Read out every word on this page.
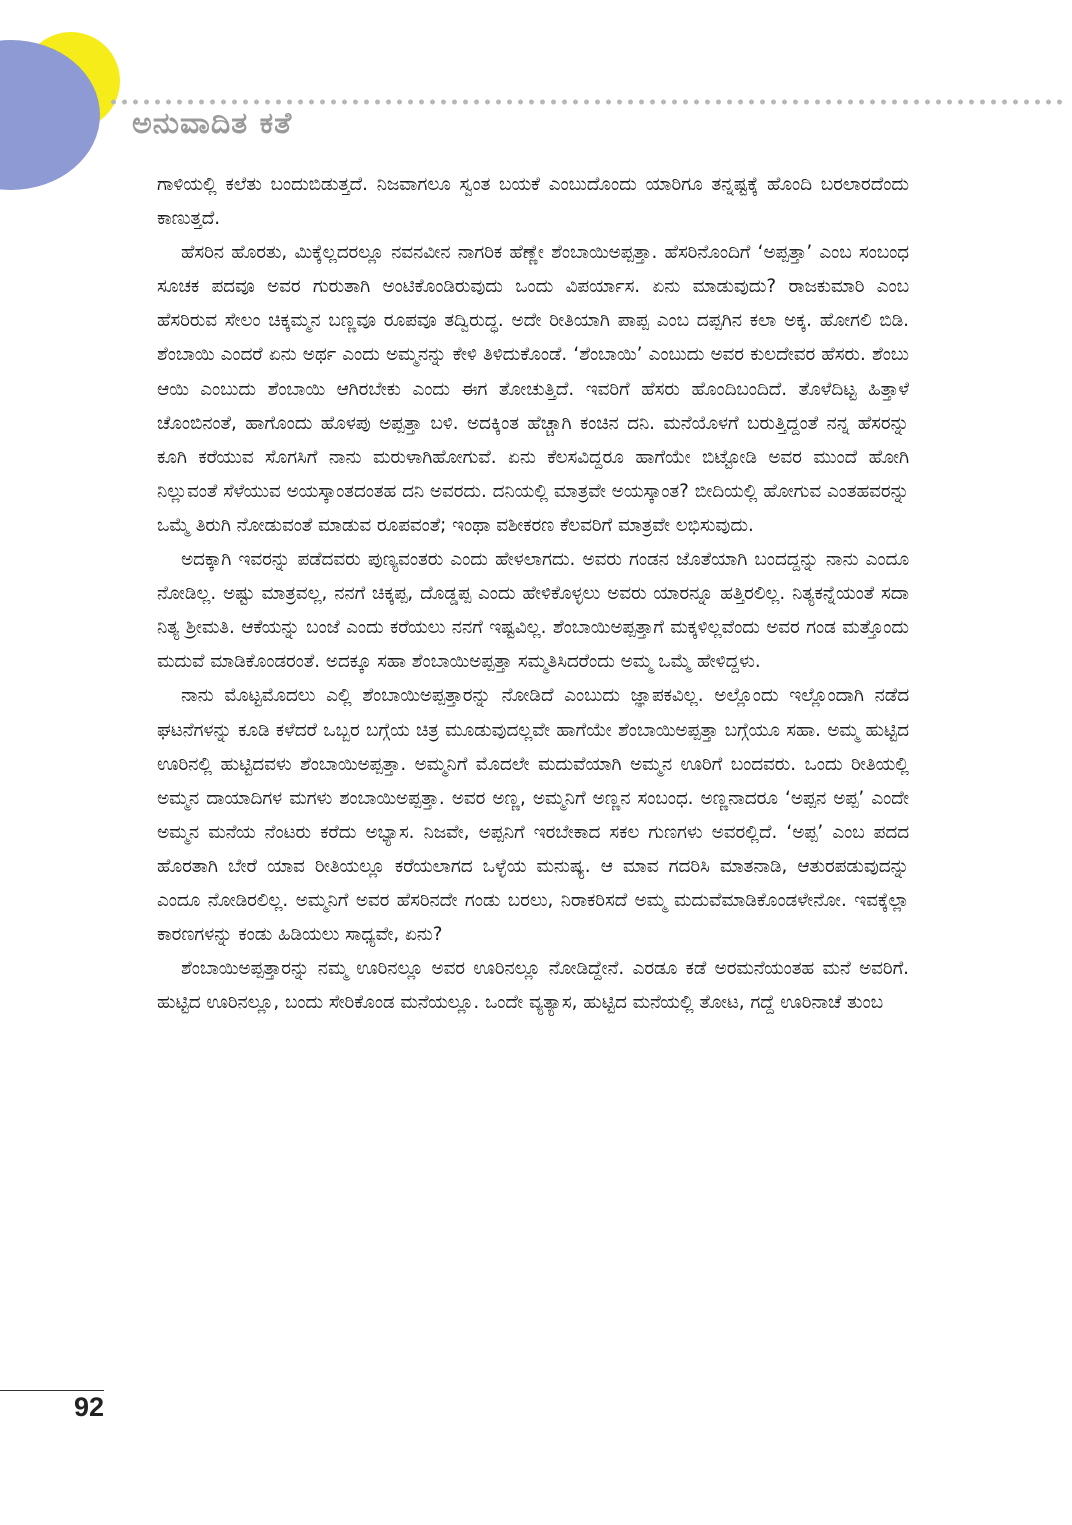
ಅನುವಾದಿತ ಕತೆ

ಗಾಳಿಯಲ್ಲಿ ಕಲೆತು ಬಂದುಬಿಡುತ್ತದೆ. ನಿಜವಾಗಲೂ ಸ್ವಂತ ಬಯಕೆ ಎಂಬುದೊಂದು ಯಾರಿಗೂ ತನ್ನಷ್ಟಕ್ಕೆ ಹೊಂದಿ ಬರಲಾರದೆಂದು ಕಾಣುತ್ತದೆ.

ಹೆಸರಿನ ಹೊರತು, ಮಿಕ್ಕೆಲ್ಲದರಲ್ಲೂ ನವನವೀನ ನಾಗರಿಕ ಹೆಣ್ಣೇ ಶೆಂಬಾಯಿಅಪ್ಪತ್ತಾ. ಹೆಸರಿನೊಂದಿಗೆ ‘ಅಪ್ಪತ್ತಾ’ ಎಂಬ ಸಂಬಂಧ ಸೂಚಕ ಪದವೂ ಅವರ ಗುರುತಾಗಿ ಅಂಟಿಕೊಂಡಿರುವುದು ಒಂದು ವಿಪರ್ಯಾಸ. ಏನು ಮಾಡುವುದು? ರಾಜಕುಮಾರಿ ಎಂಬ ಹೆಸರಿರುವ ಸೇಲಂ ಚಿಕ್ಕಮ್ಮನ ಬಣ್ಣವೂ ರೂಪವೂ ತದ್ವಿರುದ್ಧ. ಅದೇ ರೀತಿಯಾಗಿ ಪಾಪ್ಪ ಎಂಬ ದಪ್ಪಗಿನ ಕಲಾ ಅಕ್ಕ. ಹೋಗಲಿ ಬಿಡಿ. ಶೆಂಬಾಯಿ ಎಂದರೆ ಏನು ಅರ್ಥ ಎಂದು ಅಮ್ಮನನ್ನು ಕೇಳಿ ತಿಳಿದುಕೊಂಡೆ. ‘ಶೆಂಬಾಯಿ’ ಎಂಬುದು ಅವರ ಕುಲದೇವರ ಹೆಸರು. ಶೆಂಬು ಆಯಿ ಎಂಬುದು ಶೆಂಬಾಯಿ ಆಗಿರಬೇಕು ಎಂದು ಈಗ ತೋಚುತ್ತಿದೆ. ಇವರಿಗೆ ಹೆಸರು ಹೊಂದಿಬಂದಿದೆ. ತೊಳೆದಿಟ್ಟ ಹಿತ್ತಾಳೆ ಚೊಂಬಿನಂತೆ, ಹಾಗೊಂದು ಹೊಳಪು ಅಪ್ಪತ್ತಾ ಬಳಿ. ಅದಕ್ಕಿಂತ ಹೆಚ್ಚಾಗಿ ಕಂಚಿನ ದನಿ. ಮನೆಯೊಳಗೆ ಬರುತ್ತಿದ್ದಂತೆ ನನ್ನ ಹೆಸರನ್ನು ಕೂಗಿ ಕರೆಯುವ ಸೊಗಸಿಗೆ ನಾನು ಮರುಳಾಗಿಹೋಗುವೆ. ಏನು ಕೆಲಸವಿದ್ದರೂ ಹಾಗೆಯೇ ಬಿಟ್ಟೋಡಿ ಅವರ ಮುಂದೆ ಹೋಗಿ ನಿಲ್ಲುವಂತೆ ಸೆಳೆಯುವ ಅಯಸ್ಕಾಂತದಂತಹ ದನಿ ಅವರದು. ದನಿಯಲ್ಲಿ ಮಾತ್ರವೇ ಅಯಸ್ಕಾಂತ? ಬೀದಿಯಲ್ಲಿ ಹೋಗುವ ಎಂತಹವರನ್ನು ಒಮ್ಮೆ ತಿರುಗಿ ನೋಡುವಂತೆ ಮಾಡುವ ರೂಪವಂತೆ; ಇಂಥಾ ವಶೀಕರಣ ಕೆಲವರಿಗೆ ಮಾತ್ರವೇ ಲಭಿಸುವುದು.

ಅದಕ್ಕಾಗಿ ಇವರನ್ನು ಪಡೆದವರು ಪುಣ್ಯವಂತರು ಎಂದು ಹೇಳಲಾಗದು. ಅವರು ಗಂಡನ ಜೊತೆಯಾಗಿ ಬಂದದ್ದನ್ನು ನಾನು ಎಂದೂ ನೋಡಿಲ್ಲ. ಅಷ್ಟು ಮಾತ್ರವಲ್ಲ, ನನಗೆ ಚಿಕ್ಕಪ್ಪ, ದೊಡ್ಡಪ್ಪ ಎಂದು ಹೇಳಿಕೊಳ್ಳಲು ಅವರು ಯಾರನ್ನೂ ಹತ್ತಿರಲಿಲ್ಲ. ನಿತ್ಯಕನ್ನೆಯಂತೆ ಸದಾ ನಿತ್ಯ ಶ್ರೀಮತಿ. ಆಕೆಯನ್ನು ಬಂಜೆ ಎಂದು ಕರೆಯಲು ನನಗೆ ಇಷ್ಟವಿಲ್ಲ. ಶೆಂಬಾಯಿಅಪ್ಪತ್ತಾಗೆ ಮಕ್ಕಳಿಲ್ಲವೆಂದು ಅವರ ಗಂಡ ಮತ್ತೊಂದು ಮದುವೆ ಮಾಡಿಕೊಂಡರಂತೆ. ಅದಕ್ಕೂ ಸಹಾ ಶೆಂಬಾಯಿಅಪ್ಪತ್ತಾ ಸಮ್ಮತಿಸಿದರೆಂದು ಅಮ್ಮ ಒಮ್ಮೆ ಹೇಳಿದ್ದಳು.

ನಾನು ಮೊಟ್ಟಮೊದಲು ಎಲ್ಲಿ ಶೆಂಬಾಯಿಅಪ್ಪತ್ತಾರನ್ನು ನೋಡಿದೆ ಎಂಬುದು ಜ್ಞಾಪಕವಿಲ್ಲ. ಅಲ್ಲೊಂದು ಇಲ್ಲೊಂದಾಗಿ ನಡೆದ ಘಟನೆಗಳನ್ನು ಕೂಡಿ ಕಳೆದರೆ ಒಬ್ಬರ ಬಗ್ಗೆಯ ಚಿತ್ರ ಮೂಡುವುದಲ್ಲವೇ ಹಾಗೆಯೇ ಶೆಂಬಾಯಿಅಪ್ಪತ್ತಾ ಬಗ್ಗೆಯೂ ಸಹಾ. ಅಮ್ಮ ಹುಟ್ಟಿದ ಊರಿನಲ್ಲಿ ಹುಟ್ಟಿದವಳು ಶೆಂಬಾಯಿಅಪ್ಪತ್ತಾ. ಅಮ್ಮನಿಗೆ ಮೊದಲೇ ಮದುವೆಯಾಗಿ ಅಮ್ಮನ ಊರಿಗೆ ಬಂದವರು. ಒಂದು ರೀತಿಯಲ್ಲಿ ಅಮ್ಮನ ದಾಯಾದಿಗಳ ಮಗಳು ಶಂಬಾಯಿಅಪ್ಪತ್ತಾ. ಅವರ ಅಣ್ಣ, ಅಮ್ಮನಿಗೆ ಅಣ್ಣನ ಸಂಬಂಧ. ಅಣ್ಣನಾದರೂ ‘ಅಪ್ಪನ ಅಪ್ಪ’ ಎಂದೇ ಅಮ್ಮನ ಮನೆಯ ನೆಂಟರು ಕರೆದು ಅಭ್ಯಾಸ. ನಿಜವೇ, ಅಪ್ಪನಿಗೆ ಇರಬೇಕಾದ ಸಕಲ ಗುಣಗಳು ಅವರಲ್ಲಿದೆ. ‘ಅಪ್ಪ’ ಎಂಬ ಪದದ ಹೊರತಾಗಿ ಬೇರೆ ಯಾವ ರೀತಿಯಲ್ಲೂ ಕರೆಯಲಾಗದ ಒಳ್ಳೆಯ ಮನುಷ್ಯ. ಆ ಮಾವ ಗದರಿಸಿ ಮಾತನಾಡಿ, ಆತುರಪಡುವುದನ್ನು ಎಂದೂ ನೋಡಿರಲಿಲ್ಲ. ಅಮ್ಮನಿಗೆ ಅವರ ಹೆಸರಿನದೇ ಗಂಡು ಬರಲು, ನಿರಾಕರಿಸದೆ ಅಮ್ಮ ಮದುವೆಮಾಡಿಕೊಂಡಳೇನೋ. ಇವಕ್ಕೆಲ್ಲಾ ಕಾರಣಗಳನ್ನು ಕಂಡು ಹಿಡಿಯಲು ಸಾಧ್ಯವೇ, ಏನು?

ಶೆಂಬಾಯಿಅಪ್ಪತ್ತಾರನ್ನು ನಮ್ಮ ಊರಿನಲ್ಲೂ ಅವರ ಊರಿನಲ್ಲೂ ನೋಡಿದ್ದೇನೆ. ಎರಡೂ ಕಡೆ ಅರಮನೆಯಂತಹ ಮನೆ ಅವರಿಗೆ. ಹುಟ್ಟಿದ ಊರಿನಲ್ಲೂ, ಬಂದು ಸೇರಿಕೊಂಡ ಮನೆಯಲ್ಲೂ. ಒಂದೇ ವ್ಯತ್ಯಾಸ, ಹುಟ್ಟಿದ ಮನೆಯಲ್ಲಿ ತೋಟ, ಗದ್ದೆ ಊರಿನಾಚೆ ತುಂಬ

92
